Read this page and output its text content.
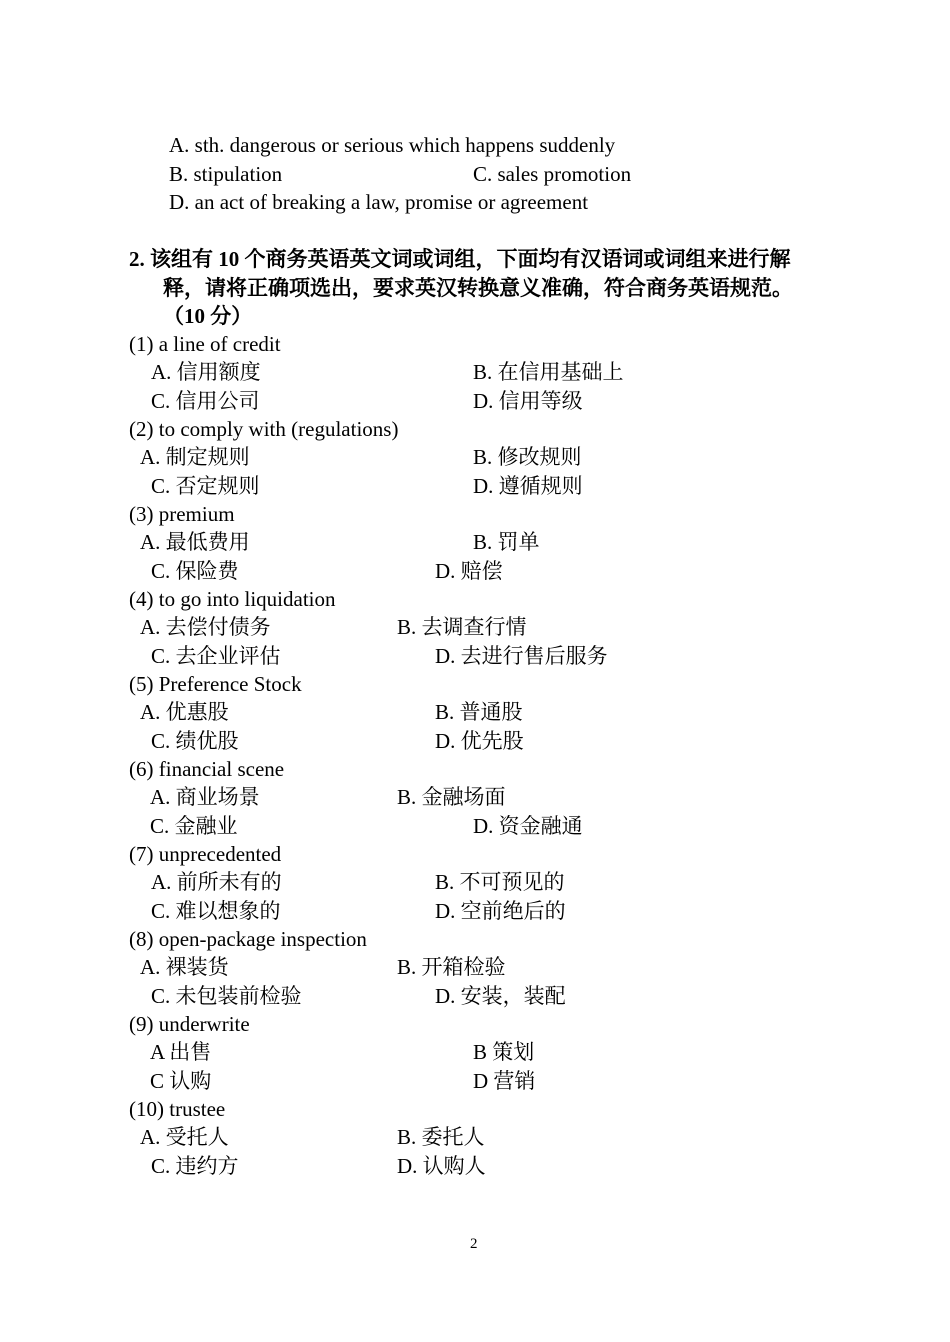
A. sth. dangerous or serious which happens suddenly
B. stipulation	C. sales promotion
D. an act of breaking a law, promise or agreement
2. 该组有 10 个商务英语英文词或词组，下面均有汉语词或词组来进行解
释，请将正确项选出，要求英汉转换意义准确，符合商务英语规范。
（10 分）
(1) a line of credit
A. 信用额度	B. 在信用基础上
C. 信用公司	D. 信用等级
(2) to comply with (regulations)
A. 制定规则	B. 修改规则
C. 否定规则	D. 遵循规则
(3) premium
A. 最低费用	B. 罚单
C. 保险费	D. 赔偿
(4) to go into liquidation
A. 去偿付债务	B. 去调查行情
C. 去企业评估	D. 去进行售后服务
(5) Preference Stock
A. 优惠股	B. 普通股
C. 绩优股	D. 优先股
(6) financial scene
A. 商业场景	B. 金融场面
C. 金融业	D. 资金融通
(7) unprecedented
A. 前所未有的	B. 不可预见的
C. 难以想象的	D. 空前绝后的
(8) open-package inspection
A. 裸装货	B. 开箱检验
C. 未包装前检验	D. 安装，装配
(9) underwrite
A 出售	B 策划
C 认购	D 营销
(10) trustee
A. 受托人	B. 委托人
C. 违约方	D. 认购人
2
